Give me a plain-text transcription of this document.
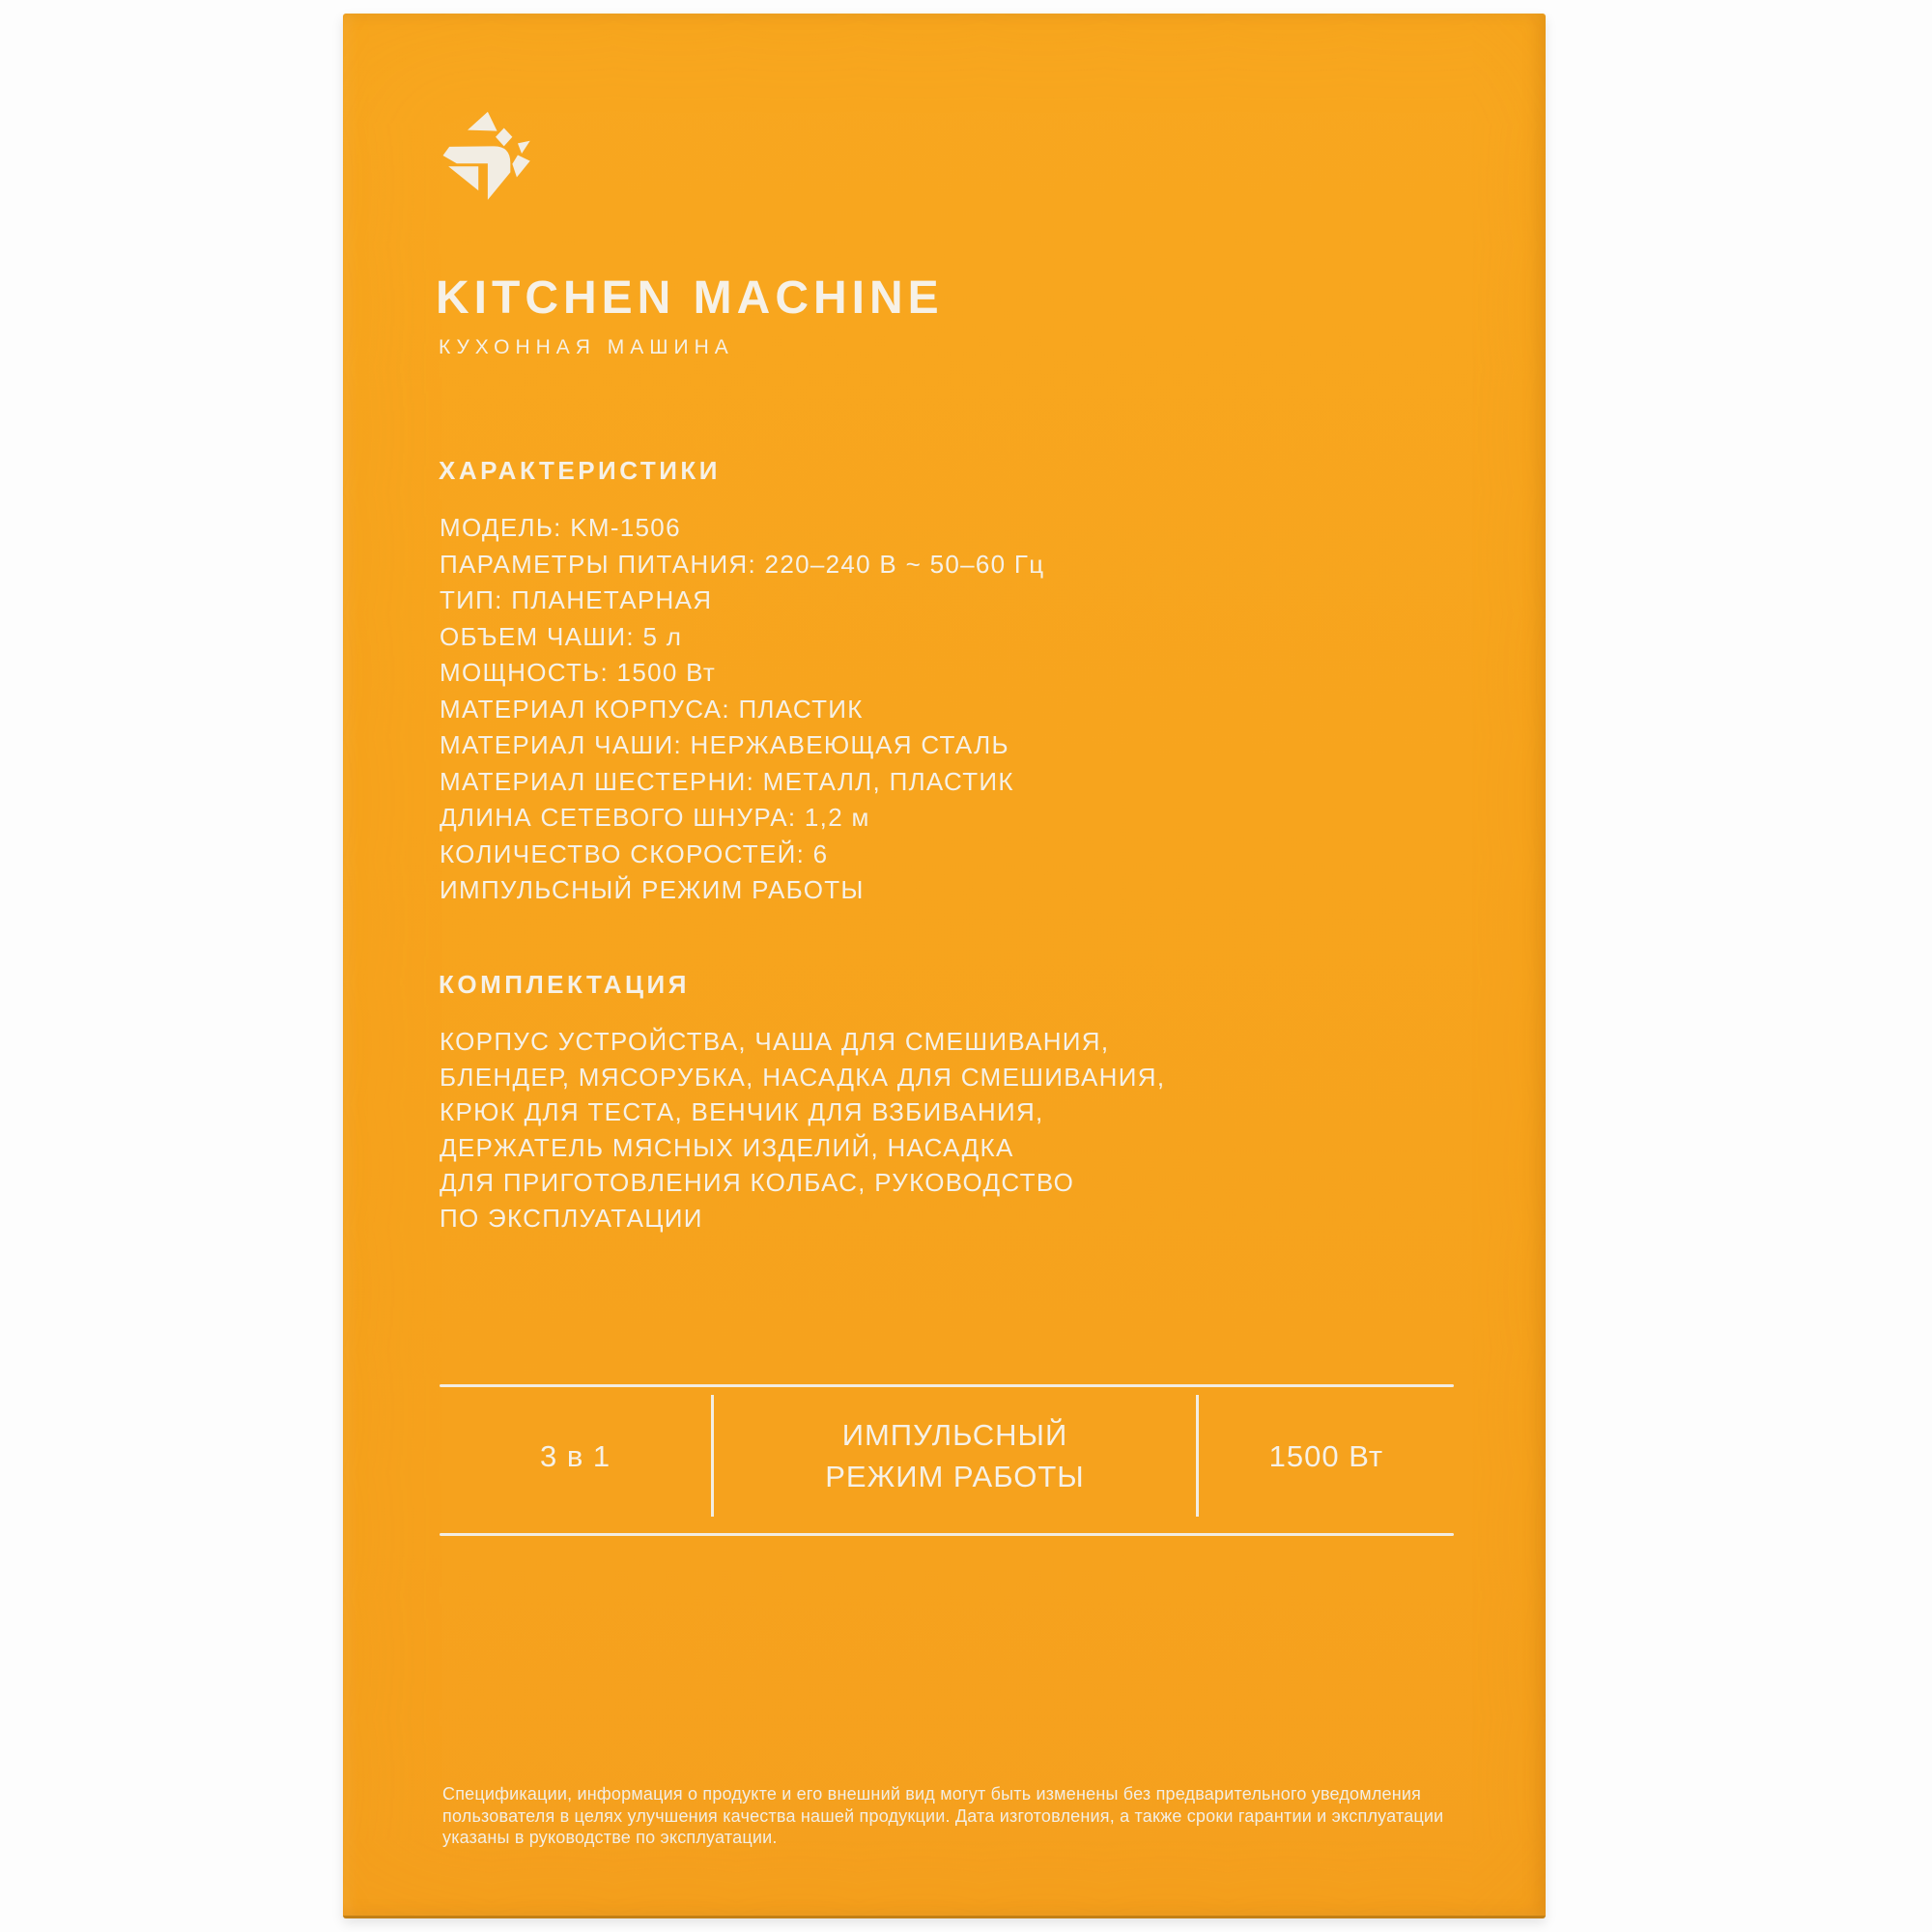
KITCHEN MACHINE
КУХОННАЯ МАШИНА
ХАРАКТЕРИСТИКИ
МОДЕЛЬ: KM-1506
ПАРАМЕТРЫ ПИТАНИЯ: 220–240 В ~ 50–60 Гц
ТИП: ПЛАНЕТАРНАЯ
ОБЪЕМ ЧАШИ: 5 л
МОЩНОСТЬ: 1500 Вт
МАТЕРИАЛ КОРПУСА: ПЛАСТИК
МАТЕРИАЛ ЧАШИ: НЕРЖАВЕЮЩАЯ СТАЛЬ
МАТЕРИАЛ ШЕСТЕРНИ: МЕТАЛЛ, ПЛАСТИК
ДЛИНА СЕТЕВОГО ШНУРА: 1,2 м
КОЛИЧЕСТВО СКОРОСТЕЙ: 6
ИМПУЛЬСНЫЙ РЕЖИМ РАБОТЫ
КОМПЛЕКТАЦИЯ
КОРПУС УСТРОЙСТВА, ЧАША ДЛЯ СМЕШИВАНИЯ,
БЛЕНДЕР, МЯСОРУБКА, НАСАДКА ДЛЯ СМЕШИВАНИЯ,
КРЮК ДЛЯ ТЕСТА, ВЕНЧИК ДЛЯ ВЗБИВАНИЯ,
ДЕРЖАТЕЛЬ МЯСНЫХ ИЗДЕЛИЙ, НАСАДКА
ДЛЯ ПРИГОТОВЛЕНИЯ КОЛБАС, РУКОВОДСТВО
ПО ЭКСПЛУАТАЦИИ
3 в 1
ИМПУЛЬСНЫЙ
РЕЖИМ РАБОТЫ
1500 Вт
Спецификации, информация о продукте и его внешний вид могут быть изменены без предварительного уведомления
пользователя в целях улучшения качества нашей продукции. Дата изготовления, а также сроки гарантии и эксплуатации
указаны в руководстве по эксплуатации.
